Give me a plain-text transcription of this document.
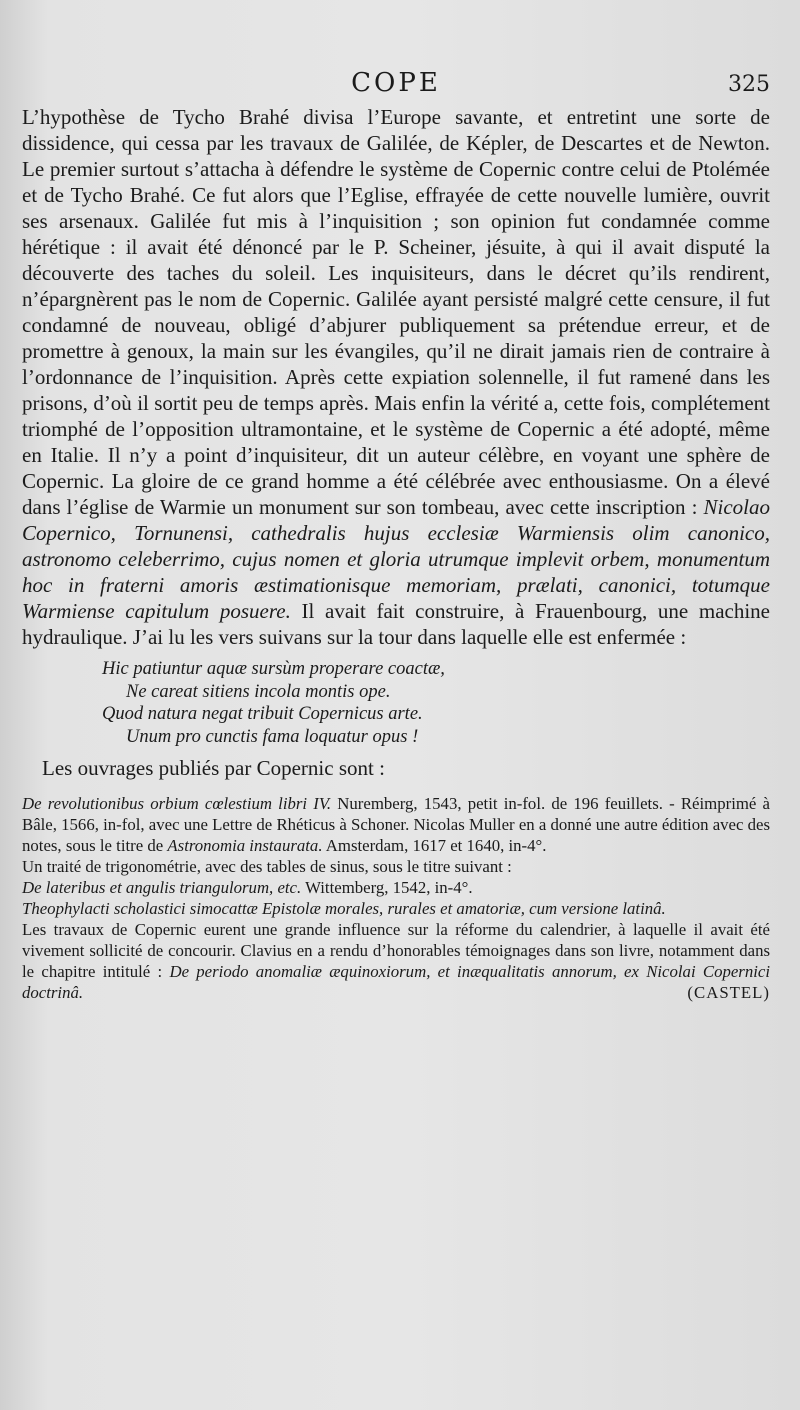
COPE	325

L’hypothèse de Tycho Brahé divisa l’Europe savante, et entretint une sorte de dissidence, qui cessa par les travaux de Galilée, de Képler, de Descartes et de Newton. Le premier surtout s’attacha à défendre le système de Copernic contre celui de Ptolémée et de Tycho Brahé. Ce fut alors que l’Eglise, effrayée de cette nouvelle lumière, ouvrit ses arsenaux. Galilée fut mis à l’inquisition ; son opinion fut condamnée comme hérétique : il avait été dénoncé par le P. Scheiner, jésuite, à qui il avait disputé la découverte des taches du soleil. Les inquisiteurs, dans le décret qu’ils rendirent, n’épargnèrent pas le nom de Copernic. Galilée ayant persisté malgré cette censure, il fut condamné de nouveau, obligé d’abjurer publiquement sa prétendue erreur, et de promettre à genoux, la main sur les évangiles, qu’il ne dirait jamais rien de contraire à l’ordonnance de l’inquisition. Après cette expiation solennelle, il fut ramené dans les prisons, d’où il sortit peu de temps après. Mais enfin la vérité a, cette fois, complétement triomphé de l’opposition ultramontaine, et le système de Copernic a été adopté, même en Italie. Il n’y a point d’inquisiteur, dit un auteur célèbre, en voyant une sphère de Copernic. La gloire de ce grand homme a été célébrée avec enthousiasme. On a élevé dans l’église de Warmie un monument sur son tombeau, avec cette inscription : Nicolao Copernico, Tornunensi, cathedralis hujus ecclesiæ Warmiensis olim canonico, astronomo celeberrimo, cujus nomen et gloria utrumque implevit orbem, monumentum hoc in fraterni amoris æstimationisque memoriam, prælati, canonici, totumque Warmiense capitulum posuere. Il avait fait construire, à Frauenbourg, une machine hydraulique. J’ai lu les vers suivans sur la tour dans laquelle elle est enfermée :

Hic patiuntur aquæ sursùm properare coactæ,
Ne careat sitiens incola montis ope.
Quod natura negat tribuit Copernicus arte.
Unum pro cunctis fama loquatur opus !
Les ouvrages publiés par Copernic sont :

De revolutionibus orbium cœlestium libri IV. Nuremberg, 1543, petit in-fol. de 196 feuillets. - Réimprimé à Bâle, 1566, in-fol, avec une Lettre de Rhéticus à Schoner. Nicolas Muller en a donné une autre édition avec des notes, sous le titre de Astronomia instaurata. Amsterdam, 1617 et 1640, in-4°.

Un traité de trigonométrie, avec des tables de sinus, sous le titre suivant :

De lateribus et angulis triangulorum, etc. Wittemberg, 1542, in-4°.

Theophylacti scholastici simocattæ Epistolæ morales, rurales et amatoriæ, cum versione latinâ.

Les travaux de Copernic eurent une grande influence sur la réforme du calendrier, à laquelle il avait été vivement sollicité de concourir. Clavius en a rendu d’honorables témoignages dans son livre, notamment dans le chapitre intitulé : De periodo anomaliæ æquinoxiorum, et inæqualitatis annorum, ex Nicolai Copernici doctrinâ.	(CASTEL)
